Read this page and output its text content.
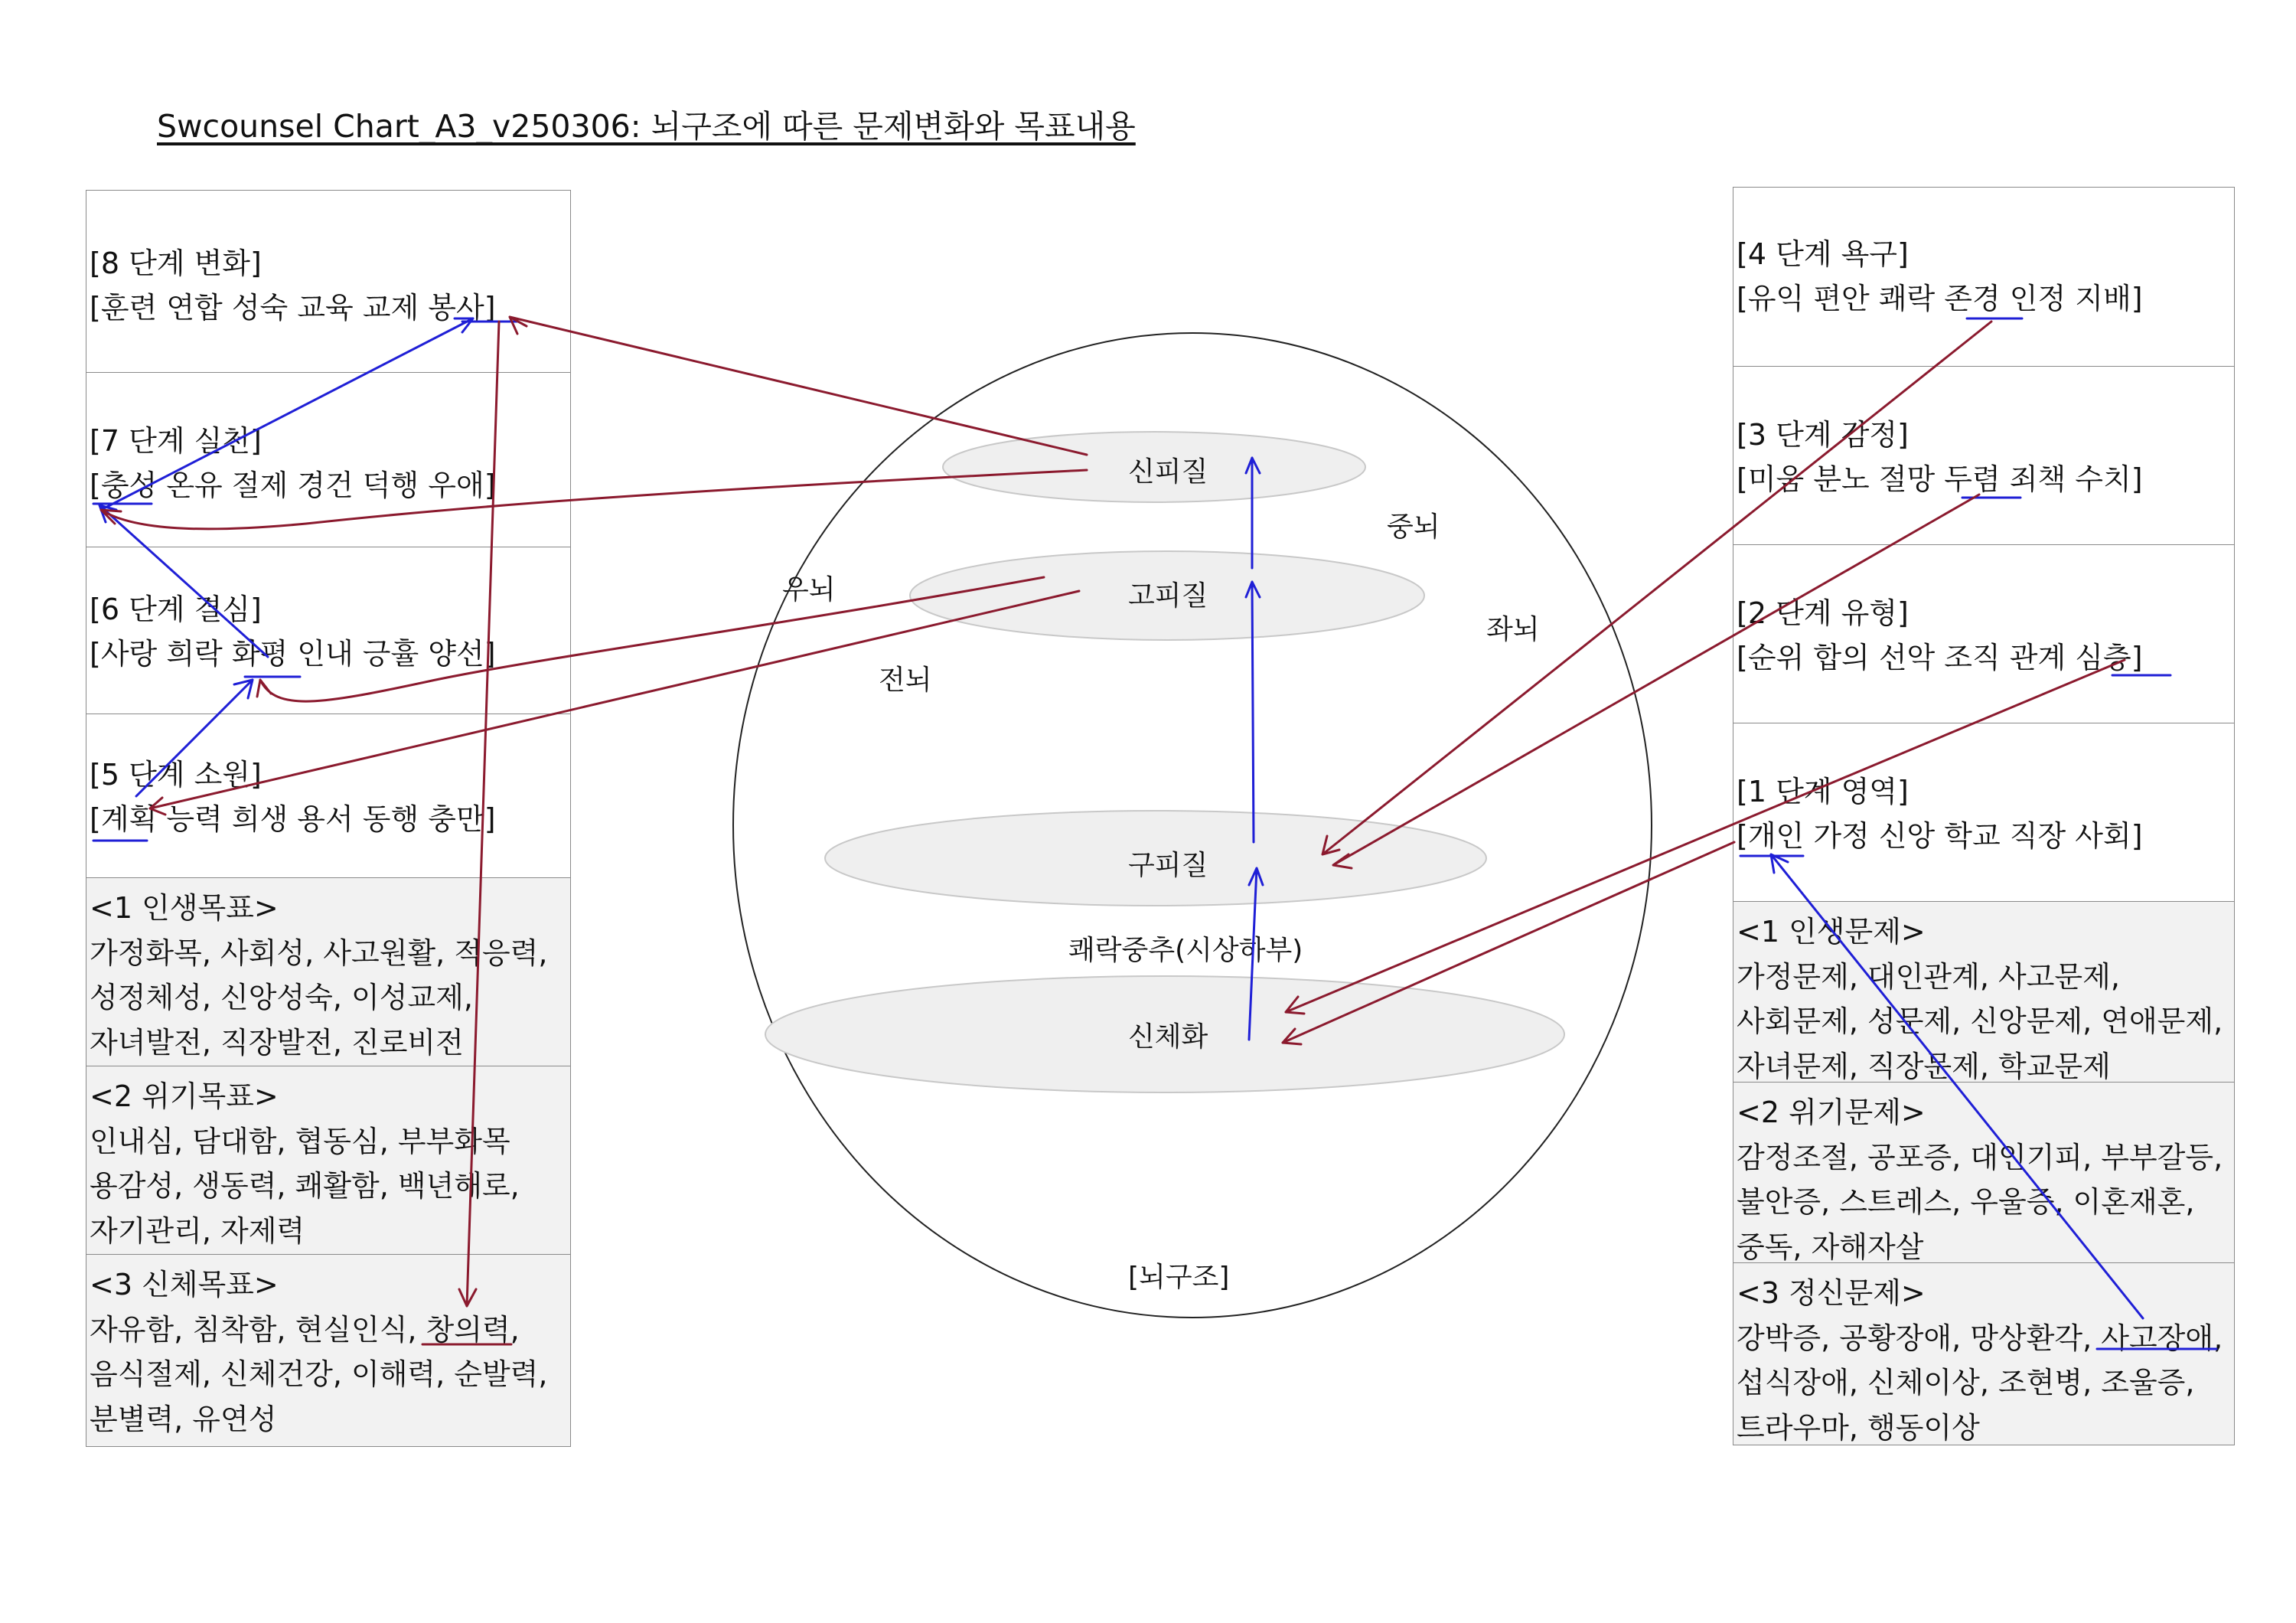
Swcounsel Chart_A3_v250306: 뇌구조에 따른 문제변화와 목표내용
[8 단계 변화]
[훈련 연합 성숙 교육 교제 봉사]
[7 단계 실천]
[충성 온유 절제 경건 덕행 우애]
[6 단계 결심]
[사랑 희락 화평 인내 긍휼 양선]
[5 단계 소원]
[계획 능력 희생 용서 동행 충만]
<1 인생목표>
가정화목, 사회성, 사고원활, 적응력,
성정체성, 신앙성숙, 이성교제,
자녀발전, 직장발전, 진로비전
<2 위기목표>
인내심, 담대함, 협동심, 부부화목
용감성, 생동력, 쾌활함, 백년해로,
자기관리, 자제력
<3 신체목표>
자유함, 침착함, 현실인식, 창의력,
음식절제, 신체건강, 이해력, 순발력,
분별력, 유연성
[4 단계 욕구]
[유익 편안 쾌락 존경 인정 지배]
[3 단계 감정]
[미움 분노 절망 두렴 죄책 수치]
[2 단계 유형]
[순위 합의 선악 조직 관계 심층]
[1 단계 영역]
[개인 가정 신앙 학교 직장 사회]
<1 인생문제>
가정문제, 대인관계, 사고문제,
사회문제, 성문제, 신앙문제, 연애문제,
자녀문제, 직장문제, 학교문제
<2 위기문제>
감정조절, 공포증, 대인기피, 부부갈등,
불안증, 스트레스, 우울증, 이혼재혼,
중독, 자해자살
<3 정신문제>
강박증, 공황장애, 망상환각, 사고장애,
섭식장애, 신체이상, 조현병, 조울증,
트라우마, 행동이상
신피질
고피질
구피질
신체화
중뇌
우뇌
좌뇌
전뇌
쾌락중추(시상하부)
[뇌구조]
